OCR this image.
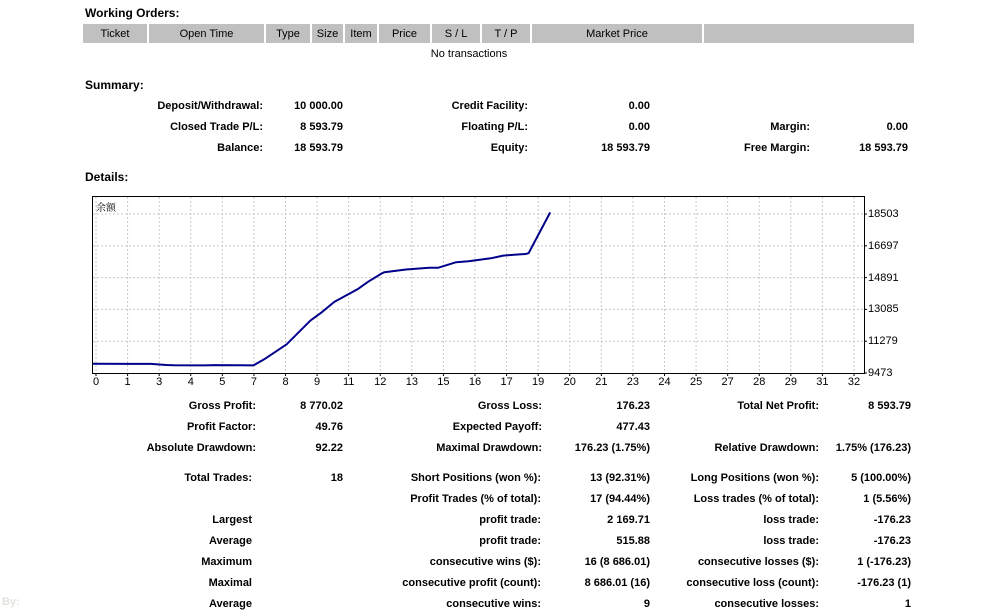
Working Orders:
Ticket	Open Time	Type	Size	Item	Price	S / L	T / P	Market Price
No transactions
Summary:
Deposit/Withdrawal:	10 000.00	Credit Facility:	0.00
Closed Trade P/L:	8 593.79	Floating P/L:	0.00	Margin:	0.00
Balance:	18 593.79	Equity:	18 593.79	Free Margin:	18 593.79
Details:
余额
9473
11279
13085
14891
16697
18503
0	1	3	4	5	7	8	9	11	12	13	15	16	17	19	20	21	23	24	25	27	28	29	31	32
Gross Profit:	8 770.02	Gross Loss:	176.23	Total Net Profit:	8 593.79
Profit Factor:	49.76	Expected Payoff:	477.43
Absolute Drawdown:	92.22	Maximal Drawdown:	176.23 (1.75%)	Relative Drawdown: 1.75% (176.23)
Total Trades:	18	Short Positions (won %):	13 (92.31%)	Long Positions (won %):	5 (100.00%)
Profit Trades (% of total):	17 (94.44%)	Loss trades (% of total):	1 (5.56%)
Largest	profit trade:	2 169.71	loss trade:	-176.23
Average	profit trade:	515.88	loss trade:	-176.23
Maximum	consecutive wins ($):	16 (8 686.01)	consecutive losses ($):	1 (-176.23)
Maximal	consecutive profit (count):	8 686.01 (16)	consecutive loss (count):	-176.23 (1)
Average	consecutive wins:	9	consecutive losses:	1
By:
